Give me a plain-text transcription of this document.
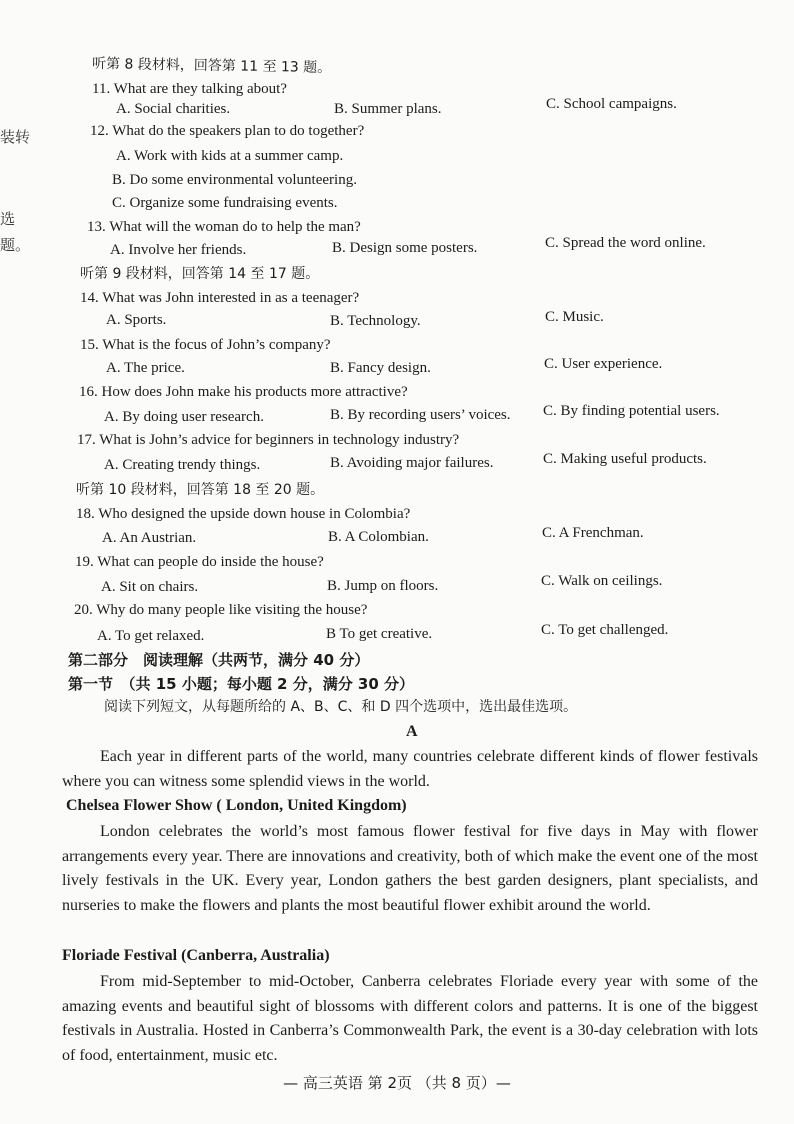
装转
选
题。
听第 8 段材料，回答第 11 至 13 题。
11. What are they talking about?
A. Social charities.	B. Summer plans.	C. School campaigns.
12. What do the speakers plan to do together?
A. Work with kids at a summer camp.
B. Do some environmental volunteering.
C. Organize some fundraising events.
13. What will the woman do to help the man?
A. Involve her friends.	B. Design some posters.	C. Spread the word online.
听第 9 段材料，回答第 14 至 17 题。
14. What was John interested in as a teenager?
A. Sports.	B. Technology.	C. Music.
15. What is the focus of John’s company?
A. The price.	B. Fancy design.	C. User experience.
16. How does John make his products more attractive?
A. By doing user research.	B. By recording users’ voices. C. By finding potential users.
17. What is John’s advice for beginners in technology industry?
A. Creating trendy things.	B. Avoiding major failures.	C. Making useful products.
听第 10 段材料，回答第 18 至 20 题。
18. Who designed the upside down house in Colombia?
A. An Austrian.	B. A Colombian.	C. A Frenchman.
19. What can people do inside the house?
A. Sit on chairs.	B. Jump on floors.	C. Walk on ceilings.
20. Why do many people like visiting the house?
A. To get relaxed.	B To get creative.	C. To get challenged.
第二部分　阅读理解（共两节，满分 40 分）
第一节　（共 15 小题；每小题 2 分，满分 30 分）
阅读下列短文，从每题所给的 A、B、C、和 D 四个选项中，选出最佳选项。
A

Each year in different parts of the world, many countries celebrate different kinds of flower festivals where you can witness some splendid views in the world.

Chelsea Flower Show ( London, United Kingdom)

London celebrates the world’s most famous flower festival for five days in May with flower arrangements every year. There are innovations and creativity, both of which make the event one of the most lively festivals in the UK. Every year, London gathers the best garden designers, plant specialists, and nurseries to make the flowers and plants the most beautiful flower exhibit around the world.

Floriade Festival (Canberra, Australia)

From mid-September to mid-October, Canberra celebrates Floriade every year with some of the amazing events and beautiful sight of blossoms with different colors and patterns. It is one of the biggest festivals in Australia. Hosted in Canberra’s Commonwealth Park, the event is a 30-day celebration with lots of food, entertainment, music etc.

— 高三英语 第 2页 （共 8 页）—
